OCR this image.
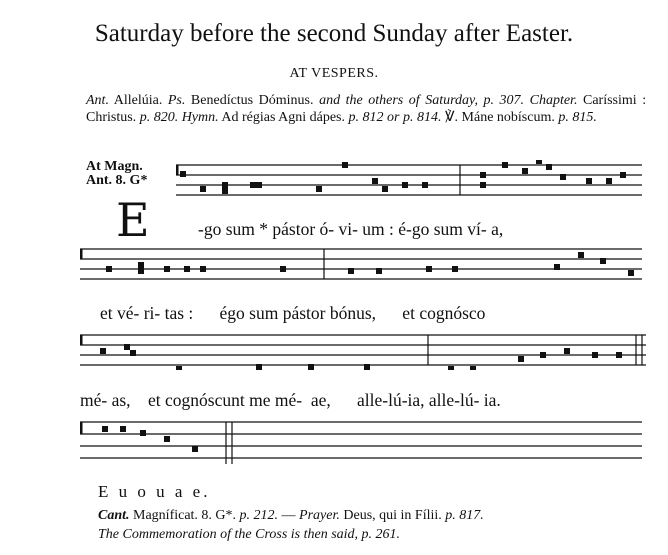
Saturday before the second Sunday after Easter.
AT VESPERS.
Ant. Allelúia. Ps. Benedíctus Dóminus. and the others of Saturday, p. 307. Chapter. Caríssimi : Christus. p. 820. Hymn. Ad régias Agni dápes. p. 812 or p. 814. ℣. Máne nobíscum. p. 815.
At Magn.
Ant. 8. G*
E	-go sum * pástor ó- vi- um : é-go sum ví- a,
et vé- ri- tas :      égo sum pástor bónus,      et cognósco
mé- as,    et cognóscunt me mé-  ae,      alle-lú-ia, alle-lú- ia.
E u o u a e.
Cant. Magníficat. 8. G*. p. 212. — Prayer. Deus, qui in Fílii. p. 817.
The Commemoration of the Cross is then said, p. 261.
